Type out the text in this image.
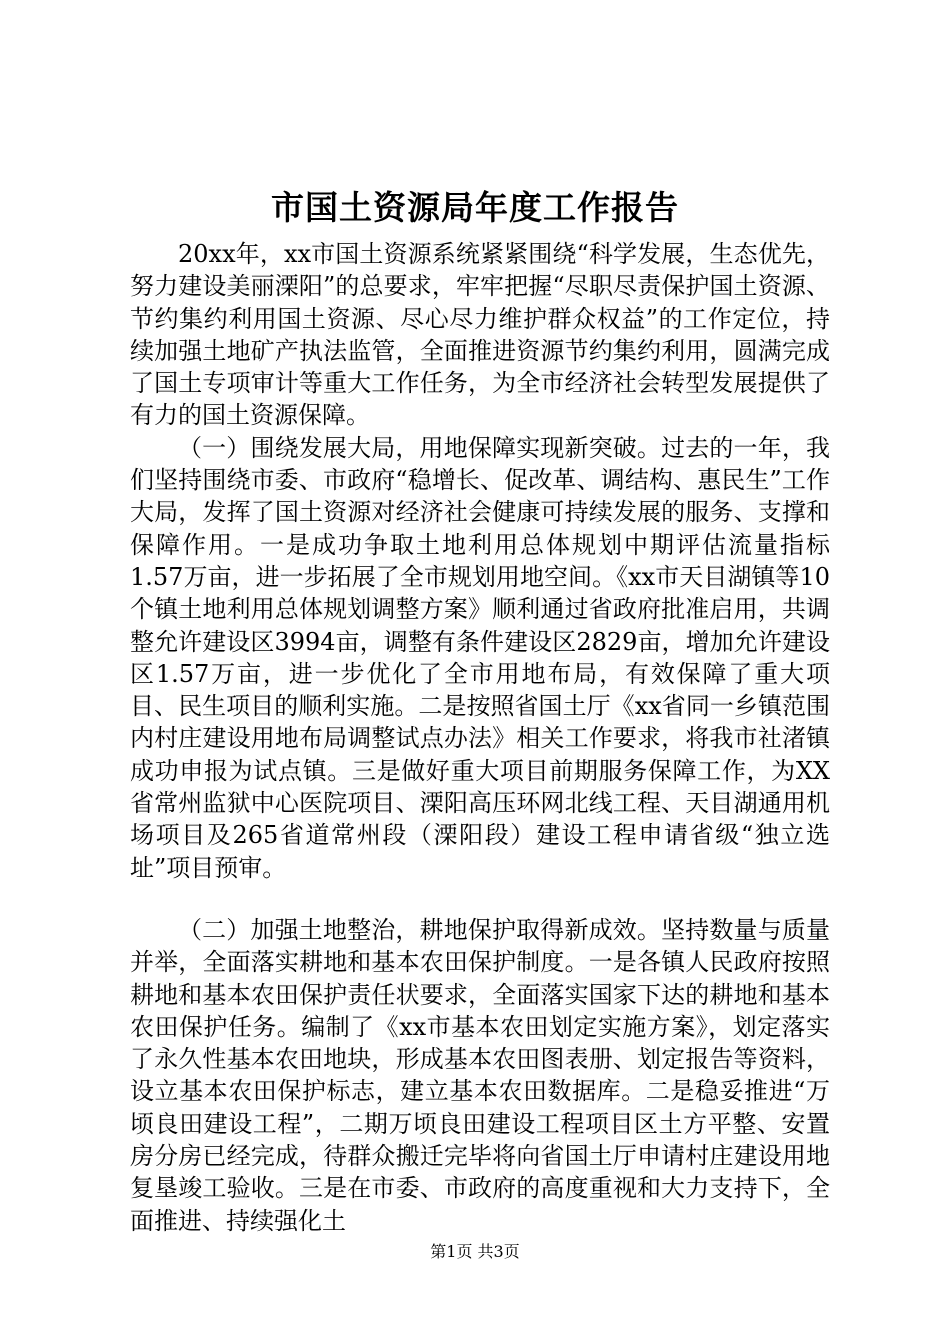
市国土资源局年度工作报告

20xx年，xx市国土资源系统紧紧围绕“科学发展，生态优先，努力建设美丽溧阳”的总要求，牢牢把握“尽职尽责保护国土资源、节约集约利用国土资源、尽心尽力维护群众权益”的工作定位，持续加强土地矿产执法监管，全面推进资源节约集约利用，圆满完成了国土专项审计等重大工作任务，为全市经济社会转型发展提供了有力的国土资源保障。

（一）围绕发展大局，用地保障实现新突破。过去的一年，我们坚持围绕市委、市政府“稳增长、促改革、调结构、惠民生”工作大局，发挥了国土资源对经济社会健康可持续发展的服务、支撑和保障作用。一是成功争取土地利用总体规划中期评估流量指标1.57万亩，进一步拓展了全市规划用地空间。《xx市天目湖镇等10个镇土地利用总体规划调整方案》顺利通过省政府批准启用，共调整允许建设区3994亩，调整有条件建设区2829亩，增加允许建设区1.57万亩，进一步优化了全市用地布局，有效保障了重大项目、民生项目的顺利实施。二是按照省国土厅《xx省同一乡镇范围内村庄建设用地布局调整试点办法》相关工作要求，将我市社渚镇成功申报为试点镇。三是做好重大项目前期服务保障工作，为XX省常州监狱中心医院项目、溧阳高压环网北线工程、天目湖通用机场项目及265省道常州段（溧阳段）建设工程申请省级“独立选址”项目预审。

（二）加强土地整治，耕地保护取得新成效。坚持数量与质量并举，全面落实耕地和基本农田保护制度。一是各镇人民政府按照耕地和基本农田保护责任状要求，全面落实国家下达的耕地和基本农田保护任务。编制了《xx市基本农田划定实施方案》，划定落实了永久性基本农田地块，形成基本农田图表册、划定报告等资料，设立基本农田保护标志，建立基本农田数据库。二是稳妥推进“万顷良田建设工程”，二期万顷良田建设工程项目区土方平整、安置房分房已经完成，待群众搬迁完毕将向省国土厅申请村庄建设用地复垦竣工验收。三是在市委、市政府的高度重视和大力支持下，全面推进、持续强化土

第1页 共3页
